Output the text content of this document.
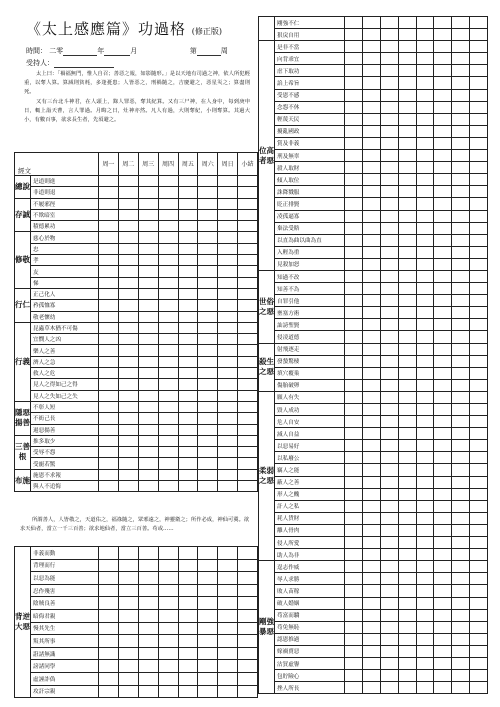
《太上感應篇》功過格 (修正版)
時間： 二零	年	月	第	周
受持人：

太上曰：「禍福無門，惟人自召；善惡之報，如影隨形。」是以天地有司過之神，依人所犯輕重，以奪人算。算減則貧耗，多逢憂患；人皆惡之，刑禍隨之，吉慶避之，惡星災之；算盡則死。

又有三台北斗神君，在人頭上，錄人罪惡，奪其紀算。又有三尸神，在人身中，每到庚申日，輒上詣天曹，言人罪過。月晦之日，灶神亦然。凡人有過，大則奪紀，小則奪算。其過大小，有數百事，欲求長生者，先須避之。

經文		周一	周二	周三	周四	周五	周六	周日	小結
總說	是道則進								
	非道則退								
存誠	不履邪徑								
	不欺暗室								
	積德累功								
修敬	慈心於物								
	忠								
	孝								
	友								
	悌								
行仁	正己化人								
	矜孤恤寡								
	敬老懷幼								
行義	昆蟲草木猶不可傷								
	宜憫人之凶								
	樂人之善								
	濟人之急								
	救人之危								
	見人之得如己之得								
	見人之失如己之失								
隱惡揚善	不彰人短								
	不衒己長								
	遏惡揚善								
三善根	推多取少								
	受辱不怨								
	受寵若驚								
布施	施恩不求報								
	與人不追悔								

所謂善人，人皆敬之，天道佑之，福祿隨之，眾邪遠之，神靈衛之；所作必成，神仙可冀。欲求天仙者，當立一千三百善；欲求地仙者，當立三百善。苟或……

背逆大惡	非義而動								
	背理而行								
	以惡為能								
	忍作殘害								
	陰賊良善								
	暗侮君親								
	慢其先生								
	叛其所事								
	誑諸無識								
	謗諸同學								
	虛誣詐偽								
	攻訐宗親								
	剛強不仁								
	狠戾自用								
位高者惡	是非不當								
	向背乖宜								
	虐下取功								
	諂上希旨								
	受恩不感								
	念怨不休								
	輕蔑天民								
	擾亂國政								
	賞及非義								
	刑及無辜								
	殺人取財								
	傾人取位								
	誅降戮服								
	貶正排賢								
	凌孤逼寡								
	棄法受賂								
	以直為曲以曲為直								
	入輕為重								
	見殺加怒								
世俗之惡	知過不改								
	知善不為								
	自罪引他								
	壅塞方術								
	訕謗聖賢								
	侵凌道德								
殺生之惡	射飛逐走								
	發蟄驚棲								
	填穴覆巢								
	傷胎破卵								
柔弱之惡	願人有失								
	毀人成功								
	危人自安								
	減人自益								
	以惡易好								
	以私廢公								
	竊人之能								
	蔽人之善								
	形人之醜								
	訐人之私								
	耗人貨財								
	離人骨肉								
	侵人所愛								
	助人為非								
剛強暴惡	逞志作威								
	辱人求勝								
	敗人苗稼								
	破人婚姻								
	苟富而驕								
	苟免無恥								
	認恩推過								
	嫁禍賣惡								
	沽買虛譽								
	包貯險心								
	挫人所長								
